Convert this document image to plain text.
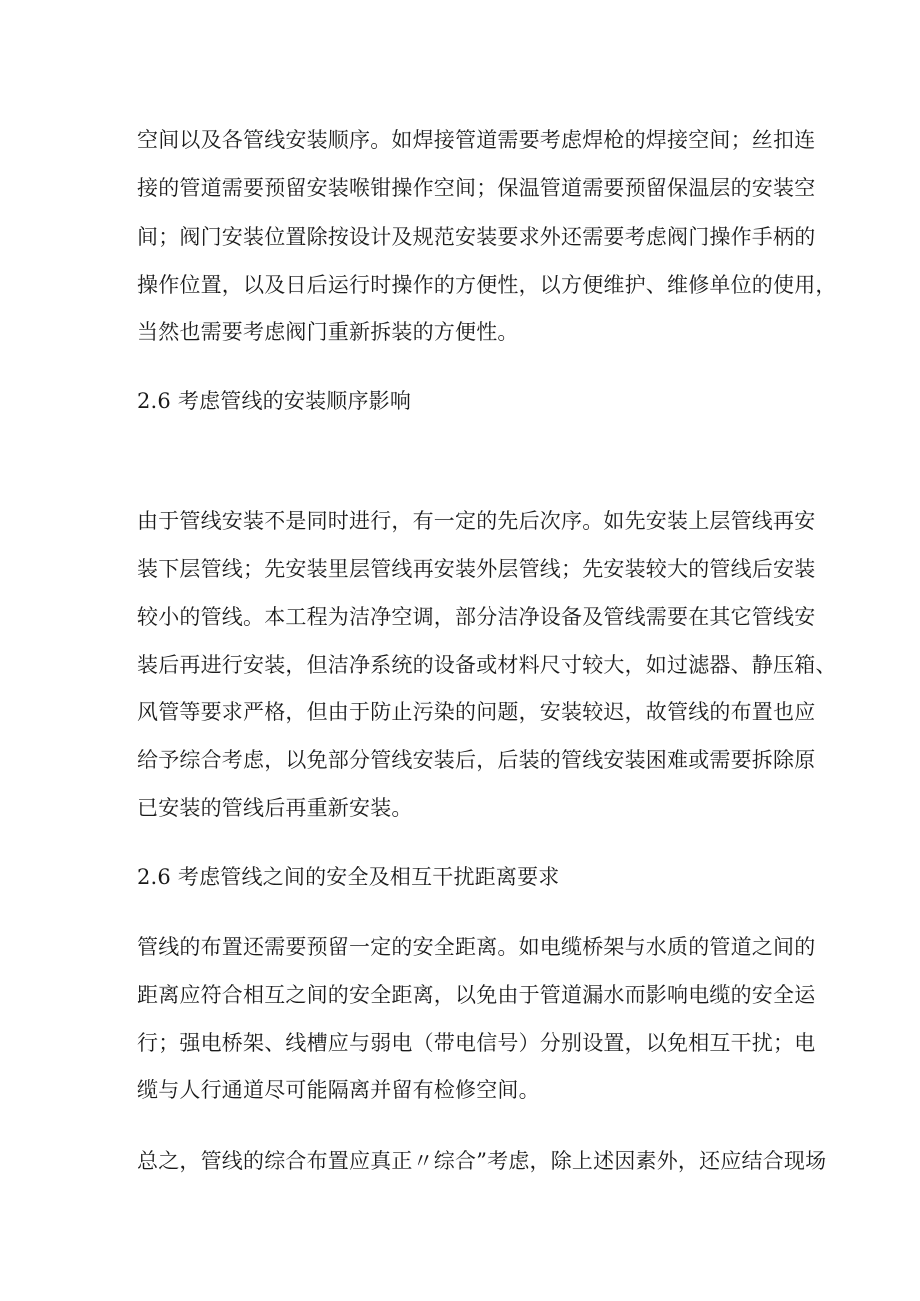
空间以及各管线安装顺序。如焊接管道需要考虑焊枪的焊接空间；丝扣连
接的管道需要预留安装喉钳操作空间；保温管道需要预留保温层的安装空
间；阀门安装位置除按设计及规范安装要求外还需要考虑阀门操作手柄的
操作位置，以及日后运行时操作的方便性，以方便维护、维修单位的使用，
当然也需要考虑阀门重新拆装的方便性。
2.6 考虑管线的安装顺序影响
由于管线安装不是同时进行，有一定的先后次序。如先安装上层管线再安
装下层管线；先安装里层管线再安装外层管线；先安装较大的管线后安装
较小的管线。本工程为洁净空调，部分洁净设备及管线需要在其它管线安
装后再进行安装，但洁净系统的设备或材料尺寸较大，如过滤器、静压箱、
风管等要求严格，但由于防止污染的问题，安装较迟，故管线的布置也应
给予综合考虑，以免部分管线安装后，后装的管线安装困难或需要拆除原
已安装的管线后再重新安装。
2.6 考虑管线之间的安全及相互干扰距离要求
管线的布置还需要预留一定的安全距离。如电缆桥架与水质的管道之间的
距离应符合相互之间的安全距离，以免由于管道漏水而影响电缆的安全运
行；强电桥架、线槽应与弱电（带电信号）分别设置，以免相互干扰；电
缆与人行通道尽可能隔离并留有检修空间。
总之，管线的综合布置应真正〃综合”考虑，除上述因素外，还应结合现场
